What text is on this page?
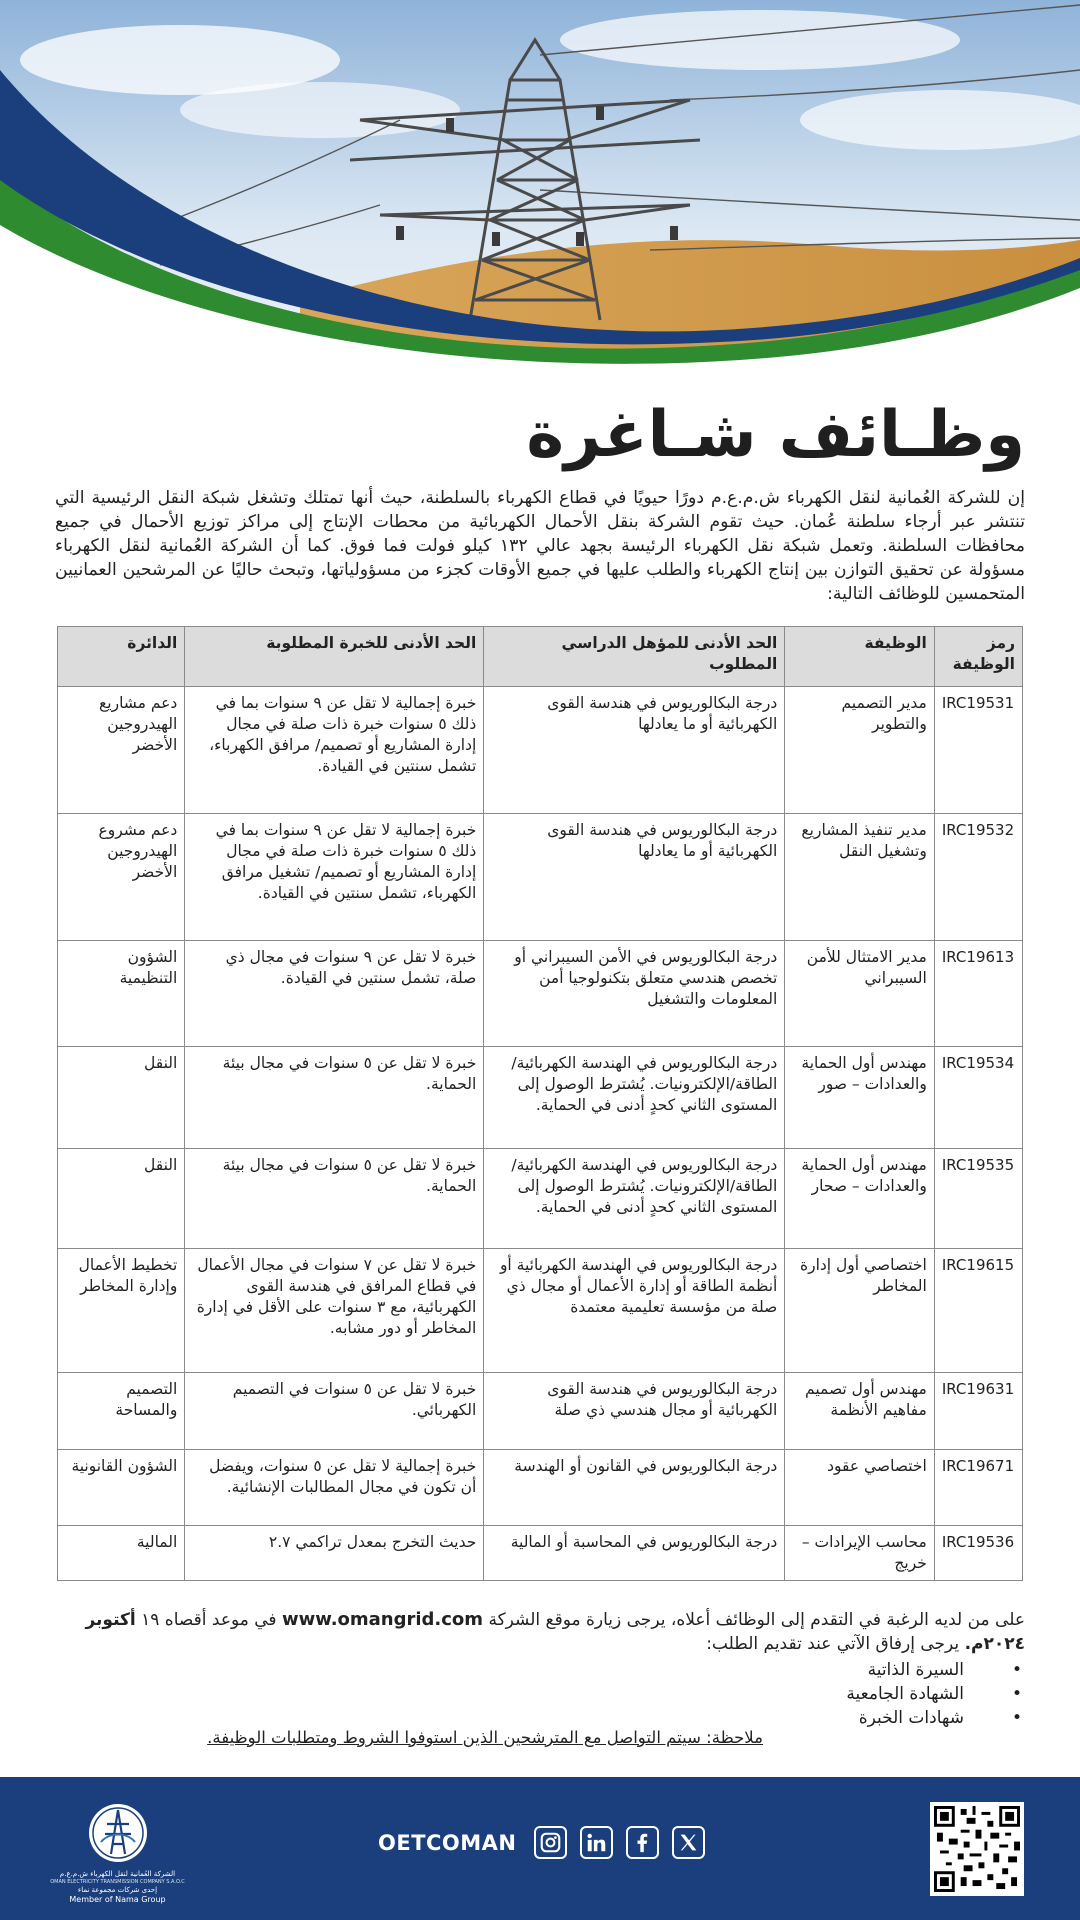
وظـائف شـاغرة

إن للشركة العُمانية لنقل الكهرباء ش.م.ع.م دورًا حيويًا في قطاع الكهرباء بالسلطنة، حيث أنها تمتلك وتشغل شبكة النقل الرئيسية التي تنتشر عبر أرجاء سلطنة عُمان. حيث تقوم الشركة بنقل الأحمال الكهربائية من محطات الإنتاج إلى مراكز توزيع الأحمال في جميع محافظات السلطنة. وتعمل شبكة نقل الكهرباء الرئيسة بجهد عالي ١٣٢ كيلو فولت فما فوق. كما أن الشركة العُمانية لنقل الكهرباء مسؤولة عن تحقيق التوازن بين إنتاج الكهرباء والطلب عليها في جميع الأوقات كجزء من مسؤولياتها، وتبحث حاليًا عن المرشحين العمانيين المتحمسين للوظائف التالية:

رمز الوظيفة	الوظيفة	الحد الأدنى للمؤهل الدراسي المطلوب	الحد الأدنى للخبرة المطلوبة	الدائرة
IRC19531	مدير التصميم والتطوير	درجة البكالوريوس في هندسة القوى الكهربائية أو ما يعادلها	خبرة إجمالية لا تقل عن ٩ سنوات بما في ذلك ٥ سنوات خبرة ذات صلة في مجال إدارة المشاريع أو تصميم/ مرافق الكهرباء، تشمل سنتين في القيادة.	دعم مشاريع الهيدروجين الأخضر
IRC19532	مدير تنفيذ المشاريع وتشغيل النقل	درجة البكالوريوس في هندسة القوى الكهربائية أو ما يعادلها	خبرة إجمالية لا تقل عن ٩ سنوات بما في ذلك ٥ سنوات خبرة ذات صلة في مجال إدارة المشاريع أو تصميم/ تشغيل مرافق الكهرباء، تشمل سنتين في القيادة.	دعم مشروع الهيدروجين الأخضر
IRC19613	مدير الامتثال للأمن السيبراني	درجة البكالوريوس في الأمن السيبراني أو تخصص هندسي متعلق بتكنولوجيا أمن المعلومات والتشغيل	خبرة لا تقل عن ٩ سنوات في مجال ذي صلة، تشمل سنتين في القيادة.	الشؤون التنظيمية
IRC19534	مهندس أول الحماية والعدادات – صور	درجة البكالوريوس في الهندسة الكهربائية/الطاقة/الإلكترونيات. يُشترط الوصول إلى المستوى الثاني كحدٍ أدنى في الحماية.	خبرة لا تقل عن ٥ سنوات في مجال بيئة الحماية.	النقل
IRC19535	مهندس أول الحماية والعدادات – صحار	درجة البكالوريوس في الهندسة الكهربائية/الطاقة/الإلكترونيات. يُشترط الوصول إلى المستوى الثاني كحدٍ أدنى في الحماية.	خبرة لا تقل عن ٥ سنوات في مجال بيئة الحماية.	النقل
IRC19615	اختصاصي أول إدارة المخاطر	درجة البكالوريوس في الهندسة الكهربائية أو أنظمة الطاقة أو إدارة الأعمال أو مجال ذي صلة من مؤسسة تعليمية معتمدة	خبرة لا تقل عن ٧ سنوات في مجال الأعمال في قطاع المرافق في هندسة القوى الكهربائية، مع ٣ سنوات على الأقل في إدارة المخاطر أو دور مشابه.	تخطيط الأعمال وإدارة المخاطر
IRC19631	مهندس أول تصميم مفاهيم الأنظمة	درجة البكالوريوس في هندسة القوى الكهربائية أو مجال هندسي ذي صلة	خبرة لا تقل عن ٥ سنوات في التصميم الكهربائي.	التصميم والمساحة
IRC19671	اختصاصي عقود	درجة البكالوريوس في القانون أو الهندسة	خبرة إجمالية لا تقل عن ٥ سنوات، ويفضل أن تكون في مجال المطالبات الإنشائية.	الشؤون القانونية
IRC19536	محاسب الإيرادات – خريج	درجة البكالوريوس في المحاسبة أو المالية	حديث التخرج بمعدل تراكمي ٢.٧	المالية

على من لديه الرغبة في التقدم إلى الوظائف أعلاه، يرجى زيارة موقع الشركة www.omangrid.com في موعد أقصاه ١٩ أكتوبر ٢٠٢٤م. يرجى إرفاق الآتي عند تقديم الطلب:

• السيرة الذاتية
• الشهادة الجامعية
• شهادات الخبرة

ملاحظة: سيتم التواصل مع المترشحين الذين استوفوا الشروط ومتطلبات الوظيفة.

OETCOMAN
الشركة العُمانية لنقل الكهرباء ش.م.ع.م
OMAN ELECTRICITY TRANSMISSION COMPANY S.A.O.C
إحدى شركات مجموعة نماء
Member of Nama Group
